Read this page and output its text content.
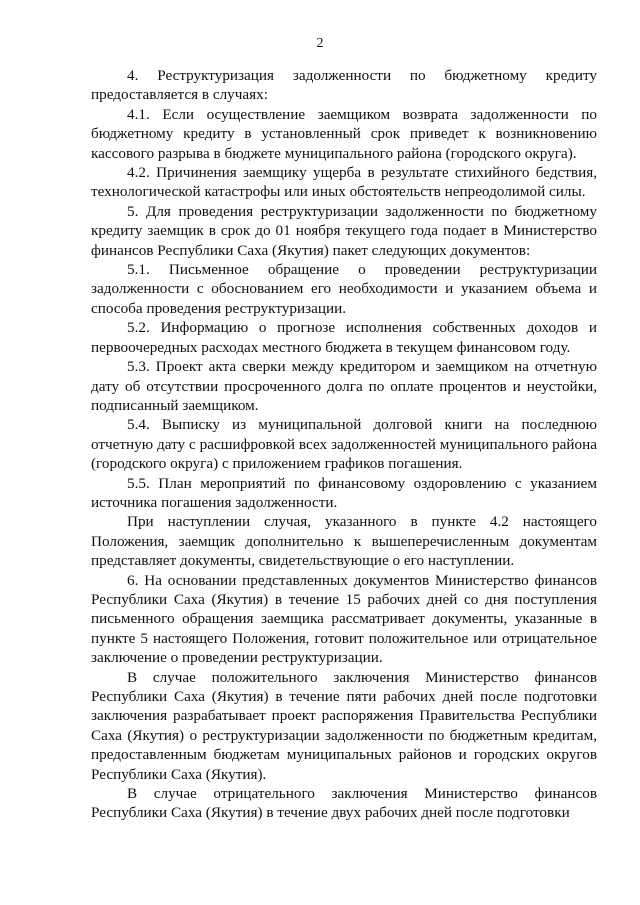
2

4. Реструктуризация задолженности по бюджетному кредиту предоставляется в случаях:

4.1. Если осуществление заемщиком возврата задолженности по бюджетному кредиту в установленный срок приведет к возникновению кассового разрыва в бюджете муниципального района (городского округа).

4.2. Причинения заемщику ущерба в результате стихийного бедствия, технологической катастрофы или иных обстоятельств непреодолимой силы.

5. Для проведения реструктуризации задолженности по бюджетному кредиту заемщик в срок до 01 ноября текущего года подает в Министерство финансов Республики Саха (Якутия) пакет следующих документов:

5.1. Письменное обращение о проведении реструктуризации задолженности с обоснованием его необходимости и указанием объема и способа проведения реструктуризации.

5.2. Информацию о прогнозе исполнения собственных доходов и первоочередных расходах местного бюджета в текущем финансовом году.

5.3. Проект акта сверки между кредитором и заемщиком на отчетную дату об отсутствии просроченного долга по оплате процентов и неустойки, подписанный заемщиком.

5.4. Выписку из муниципальной долговой книги на последнюю отчетную дату с расшифровкой всех задолженностей муниципального района (городского округа) с приложением графиков погашения.

5.5. План мероприятий по финансовому оздоровлению с указанием источника погашения задолженности.

При наступлении случая, указанного в пункте 4.2 настоящего Положения, заемщик дополнительно к вышеперечисленным документам представляет документы, свидетельствующие о его наступлении.

6. На основании представленных документов Министерство финансов Республики Саха (Якутия) в течение 15 рабочих дней со дня поступления письменного обращения заемщика рассматривает документы, указанные в пункте 5 настоящего Положения, готовит положительное или отрицательное заключение о проведении реструктуризации.

В случае положительного заключения Министерство финансов Республики Саха (Якутия) в течение пяти рабочих дней после подготовки заключения разрабатывает проект распоряжения Правительства Республики Саха (Якутия) о реструктуризации задолженности по бюджетным кредитам, предоставленным бюджетам муниципальных районов и городских округов Республики Саха (Якутия).

В случае отрицательного заключения Министерство финансов Республики Саха (Якутия) в течение двух рабочих дней после подготовки
